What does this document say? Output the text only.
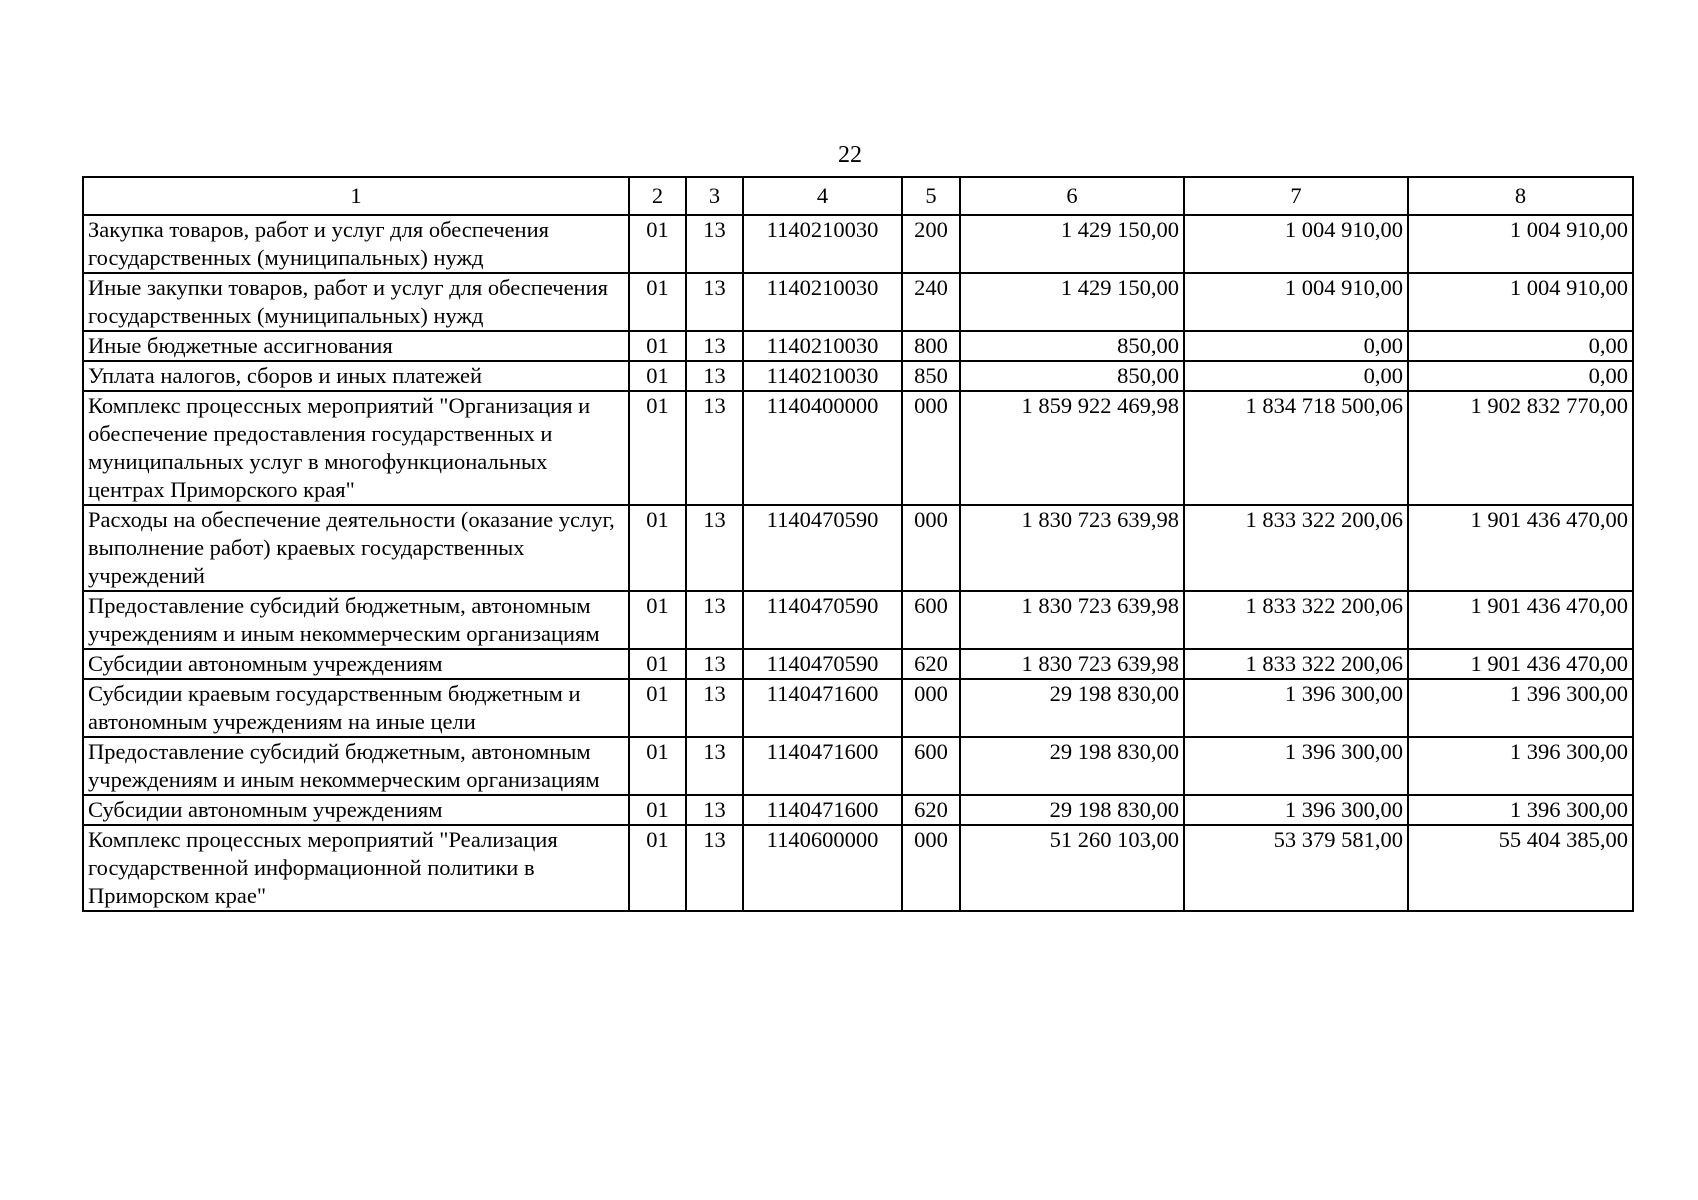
22
1	2	3	4	5	6	7	8
Закупка товаров, работ и услуг для обеспечения государственных (муниципальных) нужд	01	13	1140210030	200	1 429 150,00	1 004 910,00	1 004 910,00
Иные закупки товаров, работ и услуг для обеспечения государственных (муниципальных) нужд	01	13	1140210030	240	1 429 150,00	1 004 910,00	1 004 910,00
Иные бюджетные ассигнования	01	13	1140210030	800	850,00	0,00	0,00
Уплата налогов, сборов и иных платежей	01	13	1140210030	850	850,00	0,00	0,00
Комплекс процессных мероприятий "Организация и обеспечение предоставления государственных и муниципальных услуг в многофункциональных центрах Приморского края"	01	13	1140400000	000	1 859 922 469,98	1 834 718 500,06	1 902 832 770,00
Расходы на обеспечение деятельности (оказание услуг, выполнение работ) краевых государственных учреждений	01	13	1140470590	000	1 830 723 639,98	1 833 322 200,06	1 901 436 470,00
Предоставление субсидий бюджетным, автономным учреждениям и иным некоммерческим организациям	01	13	1140470590	600	1 830 723 639,98	1 833 322 200,06	1 901 436 470,00
Субсидии автономным учреждениям	01	13	1140470590	620	1 830 723 639,98	1 833 322 200,06	1 901 436 470,00
Субсидии краевым государственным бюджетным и автономным учреждениям на иные цели	01	13	1140471600	000	29 198 830,00	1 396 300,00	1 396 300,00
Предоставление субсидий бюджетным, автономным учреждениям и иным некоммерческим организациям	01	13	1140471600	600	29 198 830,00	1 396 300,00	1 396 300,00
Субсидии автономным учреждениям	01	13	1140471600	620	29 198 830,00	1 396 300,00	1 396 300,00
Комплекс процессных мероприятий "Реализация государственной информационной политики в Приморском крае"	01	13	1140600000	000	51 260 103,00	53 379 581,00	55 404 385,00
